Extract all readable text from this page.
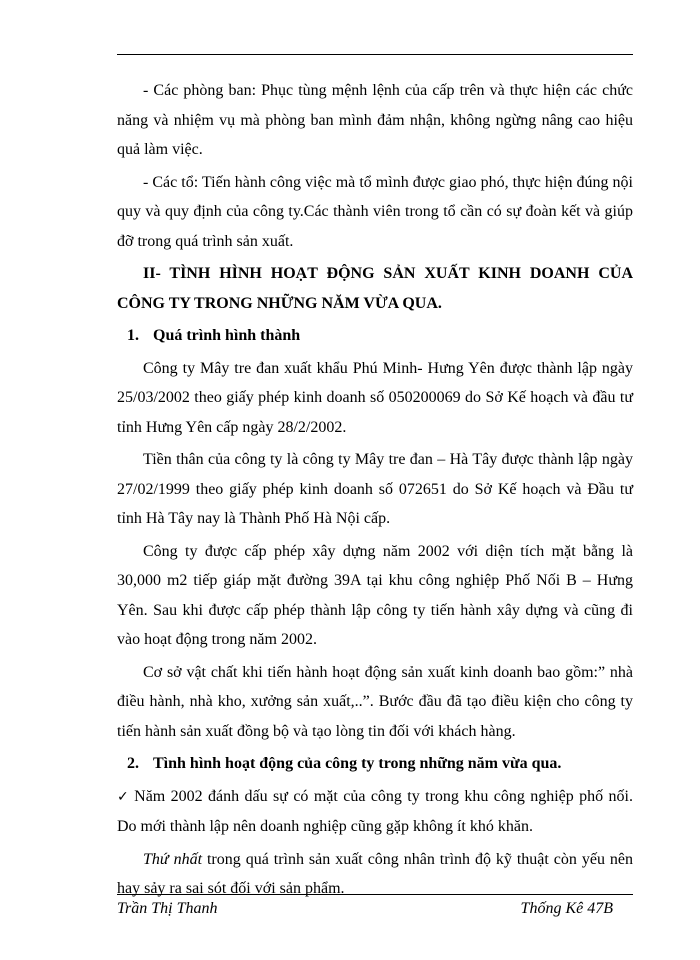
- Các phòng ban: Phục tùng mệnh lệnh của cấp trên và thực hiện các chức năng và nhiệm vụ mà phòng ban mình đảm nhận, không ngừng nâng cao hiệu quả làm việc.

- Các tổ: Tiến hành công việc mà tổ mình được giao phó, thực hiện đúng nội quy và quy định của công ty.Các thành viên trong tổ cần có sự đoàn kết và giúp đỡ trong quá trình sản xuất.

II- TÌNH HÌNH HOẠT ĐỘNG SẢN XUẤT KINH DOANH CỦA CÔNG TY TRONG NHỮNG NĂM VỪA QUA.

1. Quá trình hình thành

Công ty Mây tre đan xuất khẩu Phú Minh- Hưng Yên được thành lập ngày 25/03/2002 theo giấy phép kinh doanh số 050200069 do Sở Kế hoạch và đầu tư tỉnh Hưng Yên cấp ngày 28/2/2002.

Tiền thân của công ty là công ty Mây tre đan – Hà Tây được thành lập ngày 27/02/1999 theo giấy phép kinh doanh số 072651 do Sở Kế hoạch và Đầu tư tỉnh Hà Tây nay là Thành Phố Hà Nội cấp.

Công ty được cấp phép xây dựng năm 2002 với diện tích mặt bằng là 30,000 m2 tiếp giáp mặt đường 39A tại khu công nghiệp Phố Nối B – Hưng Yên. Sau khi được cấp phép thành lập công ty tiến hành xây dựng và cũng đi vào hoạt động trong năm 2002.

Cơ sở vật chất khi tiến hành hoạt động sản xuất kinh doanh bao gồm:” nhà điều hành, nhà kho, xưởng sản xuất,..”. Bước đầu đã tạo điều kiện cho công ty tiến hành sản xuất đồng bộ và tạo lòng tin đối với khách hàng.

2. Tình hình hoạt động của công ty trong những năm vừa qua.

✓ Năm 2002 đánh dấu sự có mặt của công ty trong khu công nghiệp phố nối. Do mới thành lập nên doanh nghiệp cũng gặp không ít khó khăn.

Thứ nhất trong quá trình sản xuất công nhân trình độ kỹ thuật còn yếu nên hay sảy ra sai sót đối với sản phẩm.

Trần Thị Thanh	Thống Kê 47B
